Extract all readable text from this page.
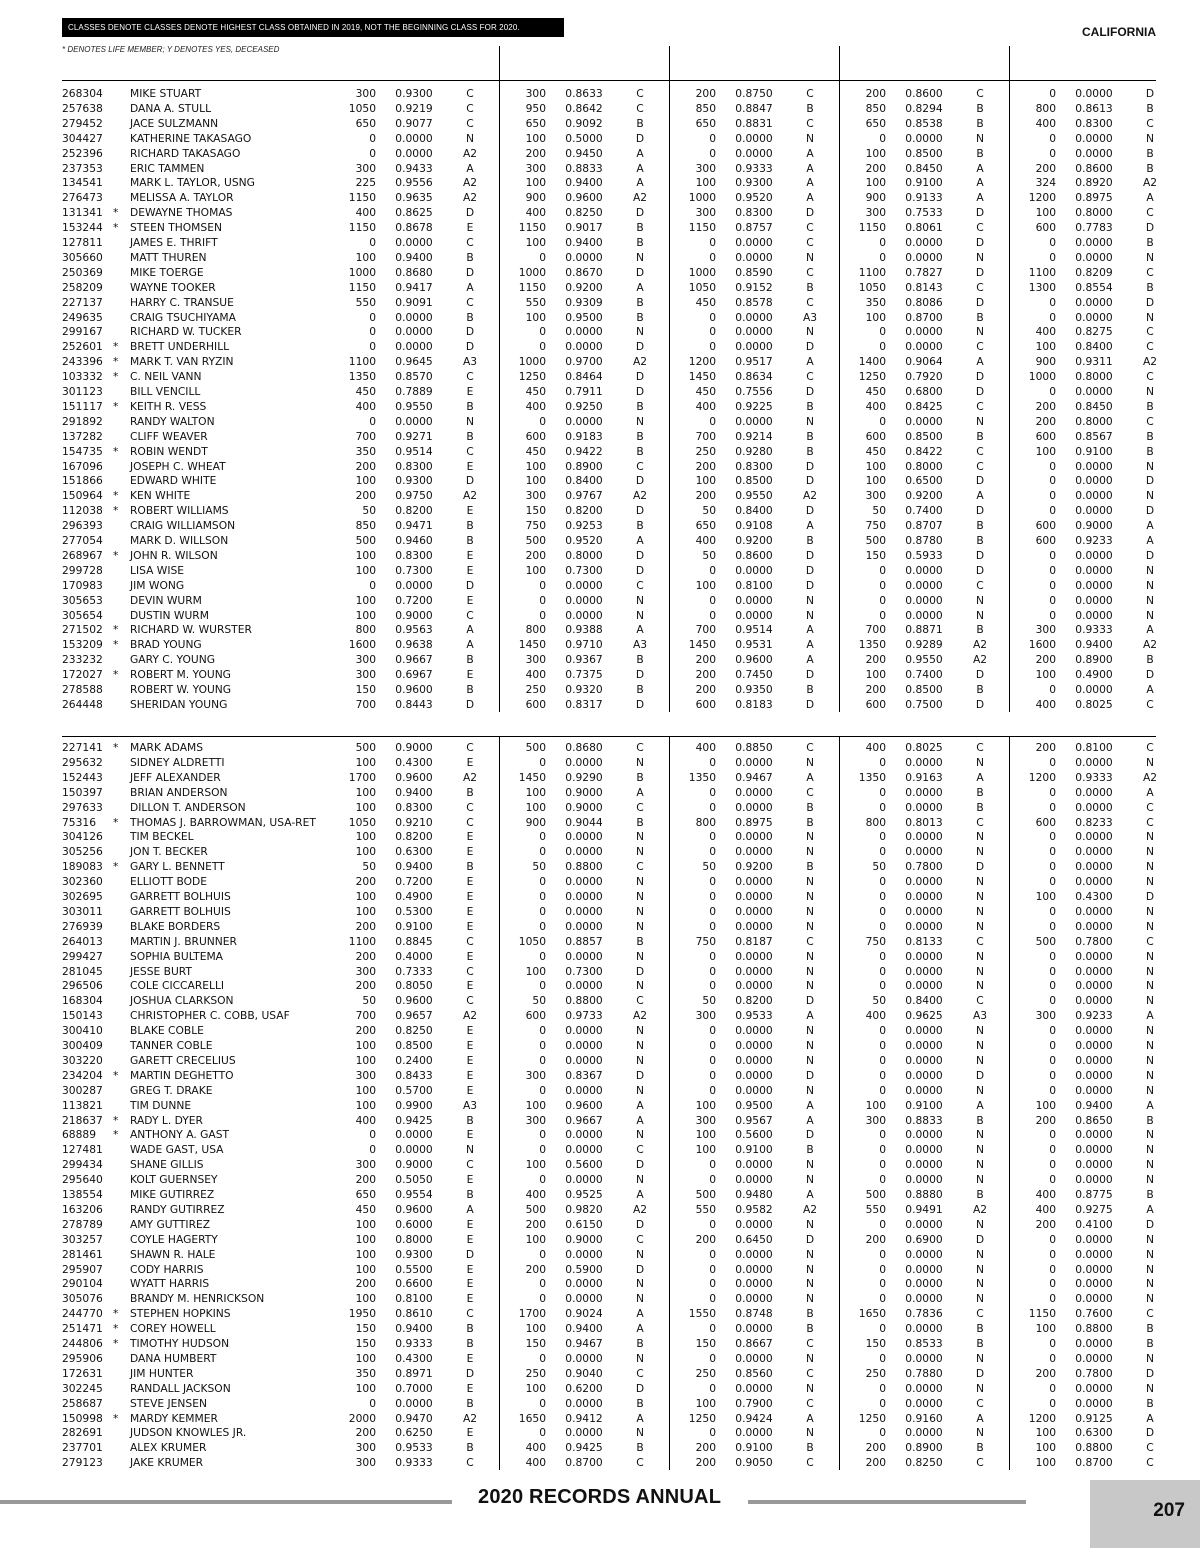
CLASSES DENOTE CLASSES DENOTE HIGHEST CLASS OBTAINED IN 2019, NOT THE BEGINNING CLASS FOR 2020.	CALIFORNIA
* DENOTES LIFE MEMBER; Y DENOTES YES, DECEASED
268304	MIKE STUART	300	0.9300	C	300	0.8633	C	200	0.8750	C	200	0.8600	C	0	0.0000	D
257638	DANA A. STULL	1050	0.9219	C	950	0.8642	C	850	0.8847	B	850	0.8294	B	800	0.8613	B
279452	JACE SULZMANN	650	0.9077	C	650	0.9092	B	650	0.8831	C	650	0.8538	B	400	0.8300	C
304427	KATHERINE TAKASAGO	0	0.0000	N	100	0.5000	D	0	0.0000	N	0	0.0000	N	0	0.0000	N
252396	RICHARD TAKASAGO	0	0.0000	A2	200	0.9450	A	0	0.0000	A	100	0.8500	B	0	0.0000	B
237353	ERIC TAMMEN	300	0.9433	A	300	0.8833	A	300	0.9333	A	200	0.8450	A	200	0.8600	B
134541	MARK L. TAYLOR, USNG	225	0.9556	A2	100	0.9400	A	100	0.9300	A	100	0.9100	A	324	0.8920	A2
276473	MELISSA A. TAYLOR	1150	0.9635	A2	900	0.9600	A2	1000	0.9520	A	900	0.9133	A	1200	0.8975	A
131341 * DEWAYNE THOMAS	400	0.8625	D	400	0.8250	D	300	0.8300	D	300	0.7533	D	100	0.8000	C
153244 * STEEN THOMSEN	1150	0.8678	E	1150	0.9017	B	1150	0.8757	C	1150	0.8061	C	600	0.7783	D
127811	JAMES E. THRIFT	0	0.0000	C	100	0.9400	B	0	0.0000	C	0	0.0000	D	0	0.0000	B
305660	MATT THUREN	100	0.9400	B	0	0.0000	N	0	0.0000	N	0	0.0000	N	0	0.0000	N
250369	MIKE TOERGE	1000	0.8680	D	1000	0.8670	D	1000	0.8590	C	1100	0.7827	D	1100	0.8209	C
258209	WAYNE TOOKER	1150	0.9417	A	1150	0.9200	A	1050	0.9152	B	1050	0.8143	C	1300	0.8554	B
227137	HARRY C. TRANSUE	550	0.9091	C	550	0.9309	B	450	0.8578	C	350	0.8086	D	0	0.0000	D
249635	CRAIG TSUCHIYAMA	0	0.0000	B	100	0.9500	B	0	0.0000	A3	100	0.8700	B	0	0.0000	N
299167	RICHARD W. TUCKER	0	0.0000	D	0	0.0000	N	0	0.0000	N	0	0.0000	N	400	0.8275	C
252601 * BRETT UNDERHILL	0	0.0000	D	0	0.0000	D	0	0.0000	D	0	0.0000	C	100	0.8400	C
243396 * MARK T. VAN RYZIN	1100	0.9645	A3	1000	0.9700	A2	1200	0.9517	A	1400	0.9064	A	900	0.9311	A2
103332 * C. NEIL VANN	1350	0.8570	C	1250	0.8464	D	1450	0.8634	C	1250	0.7920	D	1000	0.8000	C
301123	BILL VENCILL	450	0.7889	E	450	0.7911	D	450	0.7556	D	450	0.6800	D	0	0.0000	N
151117 * KEITH R. VESS	400	0.9550	B	400	0.9250	B	400	0.9225	B	400	0.8425	C	200	0.8450	B
291892	RANDY WALTON	0	0.0000	N	0	0.0000	N	0	0.0000	N	0	0.0000	N	200	0.8000	C
137282	CLIFF WEAVER	700	0.9271	B	600	0.9183	B	700	0.9214	B	600	0.8500	B	600	0.8567	B
154735 * ROBIN WENDT	350	0.9514	C	450	0.9422	B	250	0.9280	B	450	0.8422	C	100	0.9100	B
167096	JOSEPH C. WHEAT	200	0.8300	E	100	0.8900	C	200	0.8300	D	100	0.8000	C	0	0.0000	N
151866	EDWARD WHITE	100	0.9300	D	100	0.8400	D	100	0.8500	D	100	0.6500	D	0	0.0000	D
150964 * KEN WHITE	200	0.9750	A2	300	0.9767	A2	200	0.9550	A2	300	0.9200	A	0	0.0000	N
112038 * ROBERT WILLIAMS	50	0.8200	E	150	0.8200	D	50	0.8400	D	50	0.7400	D	0	0.0000	D
296393	CRAIG WILLIAMSON	850	0.9471	B	750	0.9253	B	650	0.9108	A	750	0.8707	B	600	0.9000	A
277054	MARK D. WILLSON	500	0.9460	B	500	0.9520	A	400	0.9200	B	500	0.8780	B	600	0.9233	A
268967 * JOHN R. WILSON	100	0.8300	E	200	0.8000	D	50	0.8600	D	150	0.5933	D	0	0.0000	D
299728	LISA WISE	100	0.7300	E	100	0.7300	D	0	0.0000	D	0	0.0000	D	0	0.0000	N
170983	JIM WONG	0	0.0000	D	0	0.0000	C	100	0.8100	D	0	0.0000	C	0	0.0000	N
305653	DEVIN WURM	100	0.7200	E	0	0.0000	N	0	0.0000	N	0	0.0000	N	0	0.0000	N
305654	DUSTIN WURM	100	0.9000	C	0	0.0000	N	0	0.0000	N	0	0.0000	N	0	0.0000	N
271502 * RICHARD W. WURSTER	800	0.9563	A	800	0.9388	A	700	0.9514	A	700	0.8871	B	300	0.9333	A
153209 * BRAD YOUNG	1600	0.9638	A	1450	0.9710	A3	1450	0.9531	A	1350	0.9289	A2	1600	0.9400	A2
233232	GARY C. YOUNG	300	0.9667	B	300	0.9367	B	200	0.9600	A	200	0.9550	A2	200	0.8900	B
172027 * ROBERT M. YOUNG	300	0.6967	E	400	0.7375	D	200	0.7450	D	100	0.7400	D	100	0.4900	D
278588	ROBERT W. YOUNG	150	0.9600	B	250	0.9320	B	200	0.9350	B	200	0.8500	B	0	0.0000	A
264448	SHERIDAN YOUNG	700	0.8443	D	600	0.8317	D	600	0.8183	D	600	0.7500	D	400	0.8025	C
227141 * MARK ADAMS	500	0.9000	C	500	0.8680	C	400	0.8850	C	400	0.8025	C	200	0.8100	C
295632	SIDNEY ALDRETTI	100	0.4300	E	0	0.0000	N	0	0.0000	N	0	0.0000	N	0	0.0000	N
152443	JEFF ALEXANDER	1700	0.9600	A2	1450	0.9290	B	1350	0.9467	A	1350	0.9163	A	1200	0.9333	A2
150397	BRIAN ANDERSON	100	0.9400	B	100	0.9000	A	0	0.0000	C	0	0.0000	B	0	0.0000	A
297633	DILLON T. ANDERSON	100	0.8300	C	100	0.9000	C	0	0.0000	B	0	0.0000	B	0	0.0000	C
75316 * THOMAS J. BARROWMAN, USA-RET	1050	0.9210	C	900	0.9044	B	800	0.8975	B	800	0.8013	C	600	0.8233	C
304126	TIM BECKEL	100	0.8200	E	0	0.0000	N	0	0.0000	N	0	0.0000	N	0	0.0000	N
305256	JON T. BECKER	100	0.6300	E	0	0.0000	N	0	0.0000	N	0	0.0000	N	0	0.0000	N
189083 * GARY L. BENNETT	50	0.9400	B	50	0.8800	C	50	0.9200	B	50	0.7800	D	0	0.0000	N
302360	ELLIOTT BODE	200	0.7200	E	0	0.0000	N	0	0.0000	N	0	0.0000	N	0	0.0000	N
302695	GARRETT BOLHUIS	100	0.4900	E	0	0.0000	N	0	0.0000	N	0	0.0000	N	100	0.4300	D
303011	GARRETT BOLHUIS	100	0.5300	E	0	0.0000	N	0	0.0000	N	0	0.0000	N	0	0.0000	N
276939	BLAKE BORDERS	200	0.9100	E	0	0.0000	N	0	0.0000	N	0	0.0000	N	0	0.0000	N
264013	MARTIN J. BRUNNER	1100	0.8845	C	1050	0.8857	B	750	0.8187	C	750	0.8133	C	500	0.7800	C
299427	SOPHIA BULTEMA	200	0.4000	E	0	0.0000	N	0	0.0000	N	0	0.0000	N	0	0.0000	N
281045	JESSE BURT	300	0.7333	C	100	0.7300	D	0	0.0000	N	0	0.0000	N	0	0.0000	N
296506	COLE CICCARELLI	200	0.8050	E	0	0.0000	N	0	0.0000	N	0	0.0000	N	0	0.0000	N
168304	JOSHUA CLARKSON	50	0.9600	C	50	0.8800	C	50	0.8200	D	50	0.8400	C	0	0.0000	N
150143	CHRISTOPHER C. COBB, USAF	700	0.9657	A2	600	0.9733	A2	300	0.9533	A	400	0.9625	A3	300	0.9233	A
300410	BLAKE COBLE	200	0.8250	E	0	0.0000	N	0	0.0000	N	0	0.0000	N	0	0.0000	N
300409	TANNER COBLE	100	0.8500	E	0	0.0000	N	0	0.0000	N	0	0.0000	N	0	0.0000	N
303220	GARETT CRECELIUS	100	0.2400	E	0	0.0000	N	0	0.0000	N	0	0.0000	N	0	0.0000	N
234204 * MARTIN DEGHETTO	300	0.8433	E	300	0.8367	D	0	0.0000	D	0	0.0000	D	0	0.0000	N
300287	GREG T. DRAKE	100	0.5700	E	0	0.0000	N	0	0.0000	N	0	0.0000	N	0	0.0000	N
113821	TIM DUNNE	100	0.9900	A3	100	0.9600	A	100	0.9500	A	100	0.9100	A	100	0.9400	A
218637 * RADY L. DYER	400	0.9425	B	300	0.9667	A	300	0.9567	A	300	0.8833	B	200	0.8650	B
68889 * ANTHONY A. GAST	0	0.0000	E	0	0.0000	N	100	0.5600	D	0	0.0000	N	0	0.0000	N
127481	WADE GAST, USA	0	0.0000	N	0	0.0000	C	100	0.9100	B	0	0.0000	N	0	0.0000	N
299434	SHANE GILLIS	300	0.9000	C	100	0.5600	D	0	0.0000	N	0	0.0000	N	0	0.0000	N
295640	KOLT GUERNSEY	200	0.5050	E	0	0.0000	N	0	0.0000	N	0	0.0000	N	0	0.0000	N
138554	MIKE GUTIRREZ	650	0.9554	B	400	0.9525	A	500	0.9480	A	500	0.8880	B	400	0.8775	B
163206	RANDY GUTIRREZ	450	0.9600	A	500	0.9820	A2	550	0.9582	A2	550	0.9491	A2	400	0.9275	A
278789	AMY GUTTIREZ	100	0.6000	E	200	0.6150	D	0	0.0000	N	0	0.0000	N	200	0.4100	D
303257	COYLE HAGERTY	100	0.8000	E	100	0.9000	C	200	0.6450	D	200	0.6900	D	0	0.0000	N
281461	SHAWN R. HALE	100	0.9300	D	0	0.0000	N	0	0.0000	N	0	0.0000	N	0	0.0000	N
295907	CODY HARRIS	100	0.5500	E	200	0.5900	D	0	0.0000	N	0	0.0000	N	0	0.0000	N
290104	WYATT HARRIS	200	0.6600	E	0	0.0000	N	0	0.0000	N	0	0.0000	N	0	0.0000	N
305076	BRANDY M. HENRICKSON	100	0.8100	E	0	0.0000	N	0	0.0000	N	0	0.0000	N	0	0.0000	N
244770 * STEPHEN HOPKINS	1950	0.8610	C	1700	0.9024	A	1550	0.8748	B	1650	0.7836	C	1150	0.7600	C
251471 * COREY HOWELL	150	0.9400	B	100	0.9400	A	0	0.0000	B	0	0.0000	B	100	0.8800	B
244806 * TIMOTHY HUDSON	150	0.9333	B	150	0.9467	B	150	0.8667	C	150	0.8533	B	0	0.0000	B
295906	DANA HUMBERT	100	0.4300	E	0	0.0000	N	0	0.0000	N	0	0.0000	N	0	0.0000	N
172631	JIM HUNTER	350	0.8971	D	250	0.9040	C	250	0.8560	C	250	0.7880	D	200	0.7800	D
302245	RANDALL JACKSON	100	0.7000	E	100	0.6200	D	0	0.0000	N	0	0.0000	N	0	0.0000	N
258687	STEVE JENSEN	0	0.0000	B	0	0.0000	B	100	0.7900	C	0	0.0000	C	0	0.0000	B
150998 * MARDY KEMMER	2000	0.9470	A2	1650	0.9412	A	1250	0.9424	A	1250	0.9160	A	1200	0.9125	A
282691	JUDSON KNOWLES JR.	200	0.6250	E	0	0.0000	N	0	0.0000	N	0	0.0000	N	100	0.6300	D
237701	ALEX KRUMER	300	0.9533	B	400	0.9425	B	200	0.9100	B	200	0.8900	B	100	0.8800	C
279123	JAKE KRUMER	300	0.9333	C	400	0.8700	C	200	0.9050	C	200	0.8250	C	100	0.8700	C
2020 RECORDS ANNUAL
207
